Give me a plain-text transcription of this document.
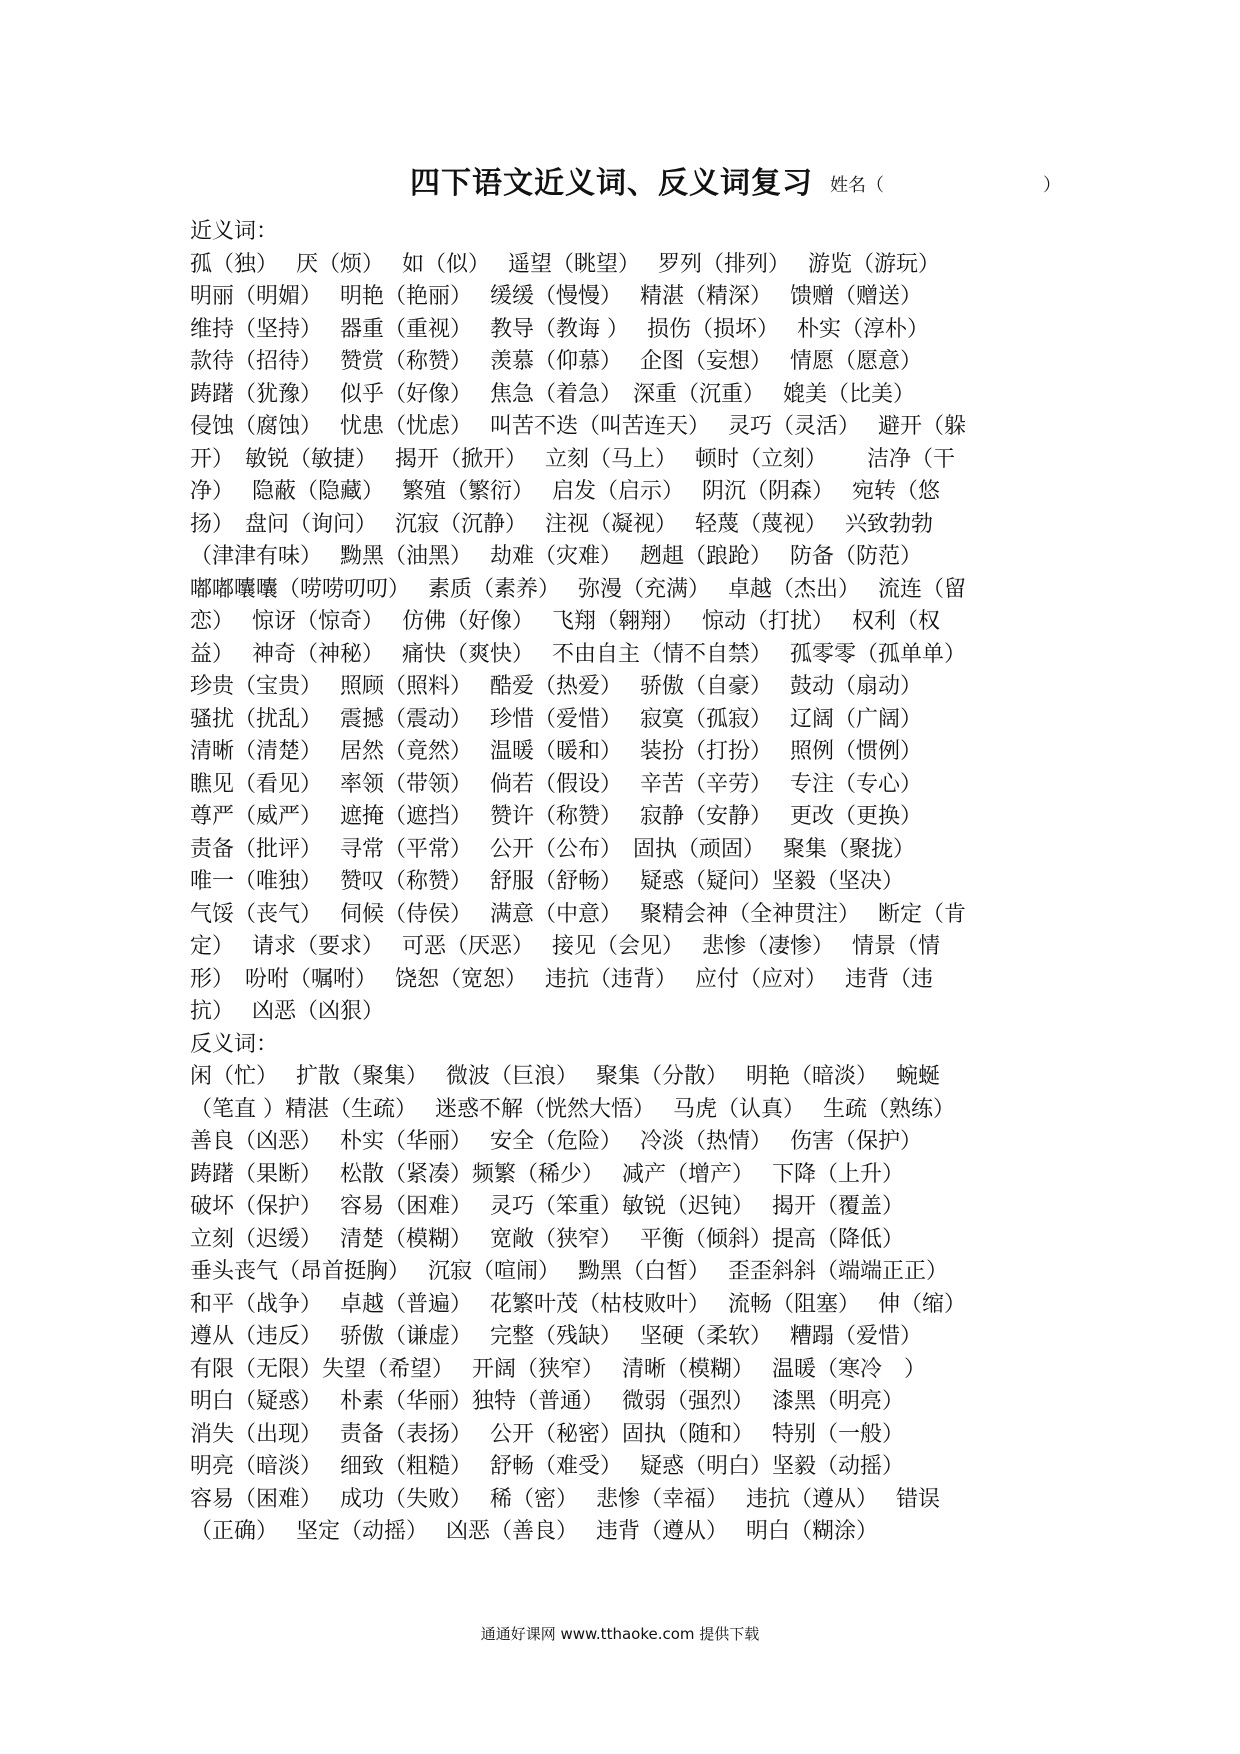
四下语文近义词、反义词复习 姓名（	）
近义词：
孤（独）　 厌（烦）　 如（似）　 遥望（眺望）　 罗列（排列）　 游览（游玩）
明丽（明媚）　 明艳（艳丽）　 缓缓（慢慢）　 精湛（精深）　 馈赠（赠送）
维持（坚持）　 器重（重视）　 教导（教诲 ）　 损伤（损坏）　 朴实（淳朴）
款待（招待）　 赞赏（称赞）　 羡慕（仰慕）　 企图（妄想）　 情愿（愿意）
踌躇（犹豫）　 似乎（好像）　 焦急（着急）　深重（沉重）　 媲美（比美）
侵蚀（腐蚀）　 忧患（忧虑）　 叫苦不迭（叫苦连天）　 灵巧（灵活）　 避开（躲
开）　敏锐（敏捷）　 揭开（掀开）　 立刻（马上）　 顿时（立刻）　　 洁净（干
净）　 隐蔽（隐藏）　 繁殖（繁衍）　 启发（启示）　 阴沉（阴森）　 宛转（悠
扬）　盘问（询问）　 沉寂（沉静）　 注视（凝视）　 轻蔑（蔑视）　 兴致勃勃
（津津有味）　 黝黑（油黑）　 劫难（灾难）　 趔趄（踉跄）　 防备（防范）
嘟嘟囔囔（唠唠叨叨）　 素质（素养）　 弥漫（充满）　 卓越（杰出）　 流连（留
恋）　 惊讶（惊奇）　 仿佛（好像）　 飞翔（翱翔）　 惊动（打扰）　 权利（权
益）　 神奇（神秘）　 痛快（爽快）　 不由自主（情不自禁）　 孤零零（孤单单）
珍贵（宝贵）　 照顾（照料）　 酷爱（热爱）　 骄傲（自豪）　 鼓动（扇动）
骚扰（扰乱）　 震撼（震动）　 珍惜（爱惜）　 寂寞（孤寂）　 辽阔（广阔）
清晰（清楚）　 居然（竟然）　 温暖（暖和）　 装扮（打扮）　 照例（惯例）
瞧见（看见）　 率领（带领）　 倘若（假设）　 辛苦（辛劳）　 专注（专心）
尊严（威严）　 遮掩（遮挡）　 赞许（称赞）　 寂静（安静）　 更改（更换）
责备（批评）　 寻常（平常）　 公开（公布）　固执（顽固）　 聚集（聚拢）
唯一（唯独）　 赞叹（称赞）　 舒服（舒畅）　 疑惑（疑问）坚毅（坚决）
气馁（丧气）　 伺候（侍侯）　 满意（中意）　 聚精会神（全神贯注）　 断定（肯
定）　 请求（要求）　 可恶（厌恶）　 接见（会见）　 悲惨（凄惨）　 情景（情
形）　吩咐（嘱咐）　 饶恕（宽恕）　 违抗（违背）　 应付（应对）　 违背（违
抗）　 凶恶（凶狠）
反义词：
闲（忙）　 扩散（聚集）　 微波（巨浪）　 聚集（分散）　 明艳（暗淡）　 蜿蜒
（笔直 ）精湛（生疏）　 迷惑不解（恍然大悟）　 马虎（认真）　 生疏（熟练）
善良（凶恶）　 朴实（华丽）　 安全（危险）　 冷淡（热情）　 伤害（保护）
踌躇（果断）　 松散（紧凑）频繁（稀少）　 减产（增产）　 下降（上升）
破坏（保护）　 容易（困难）　 灵巧（笨重）敏锐（迟钝）　 揭开（覆盖）
立刻（迟缓）　 清楚（模糊）　 宽敞（狭窄）　 平衡（倾斜）提高（降低）
垂头丧气（昂首挺胸）　 沉寂（喧闹）　 黝黑（白皙）　 歪歪斜斜（端端正正）
和平（战争）　 卓越（普遍）　 花繁叶茂（枯枝败叶）　 流畅（阻塞）　 伸（缩）
遵从（违反）　 骄傲（谦虚）　 完整（残缺）　 坚硬（柔软）　 糟蹋（爱惜）
有限（无限）失望（希望）　 开阔（狭窄）　 清晰（模糊）　 温暖（寒冷　）
明白（疑惑）　 朴素（华丽）独特（普通）　 微弱（强烈）　 漆黑（明亮）
消失（出现）　 责备（表扬）　 公开（秘密）固执（随和）　 特别（一般）
明亮（暗淡）　 细致（粗糙）　 舒畅（难受）　 疑惑（明白）坚毅（动摇）
容易（困难）　 成功（失败）　 稀（密）　 悲惨（幸福）　 违抗（遵从）　 错误
（正确）　 坚定（动摇）　 凶恶（善良）　 违背（遵从）　 明白（糊涂）
通通好课网 www.tthaoke.com 提供下载
